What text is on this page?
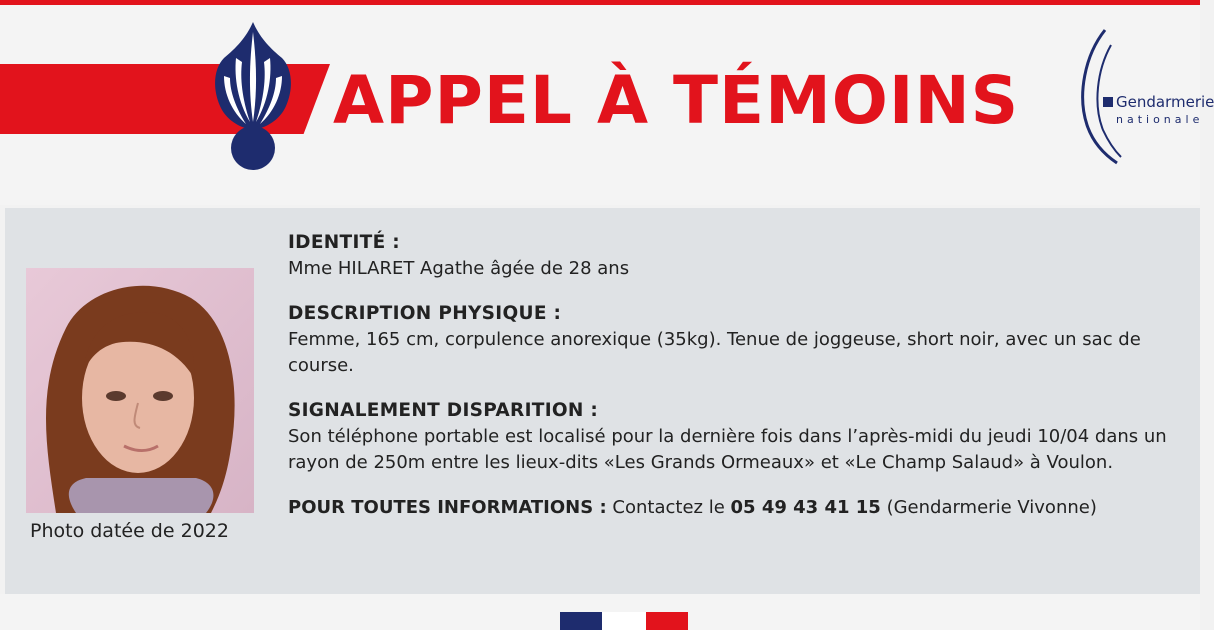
APPEL À TÉMOINS	Gendarmerie
nationale
Photo datée de 2022
IDENTITÉ :
Mme HILARET Agathe âgée de 28 ans
DESCRIPTION PHYSIQUE :
Femme, 165 cm, corpulence anorexique (35kg). Tenue de joggeuse, short noir, avec un sac de course.
SIGNALEMENT DISPARITION :
Son téléphone portable est localisé pour la dernière fois dans l’après-midi du jeudi 10/04 dans un rayon de 250m entre les lieux-dits «Les Grands Ormeaux» et «Le Champ Salaud» à Voulon.
POUR TOUTES INFORMATIONS : Contactez le 05 49 43 41 15 (Gendarmerie Vivonne)
